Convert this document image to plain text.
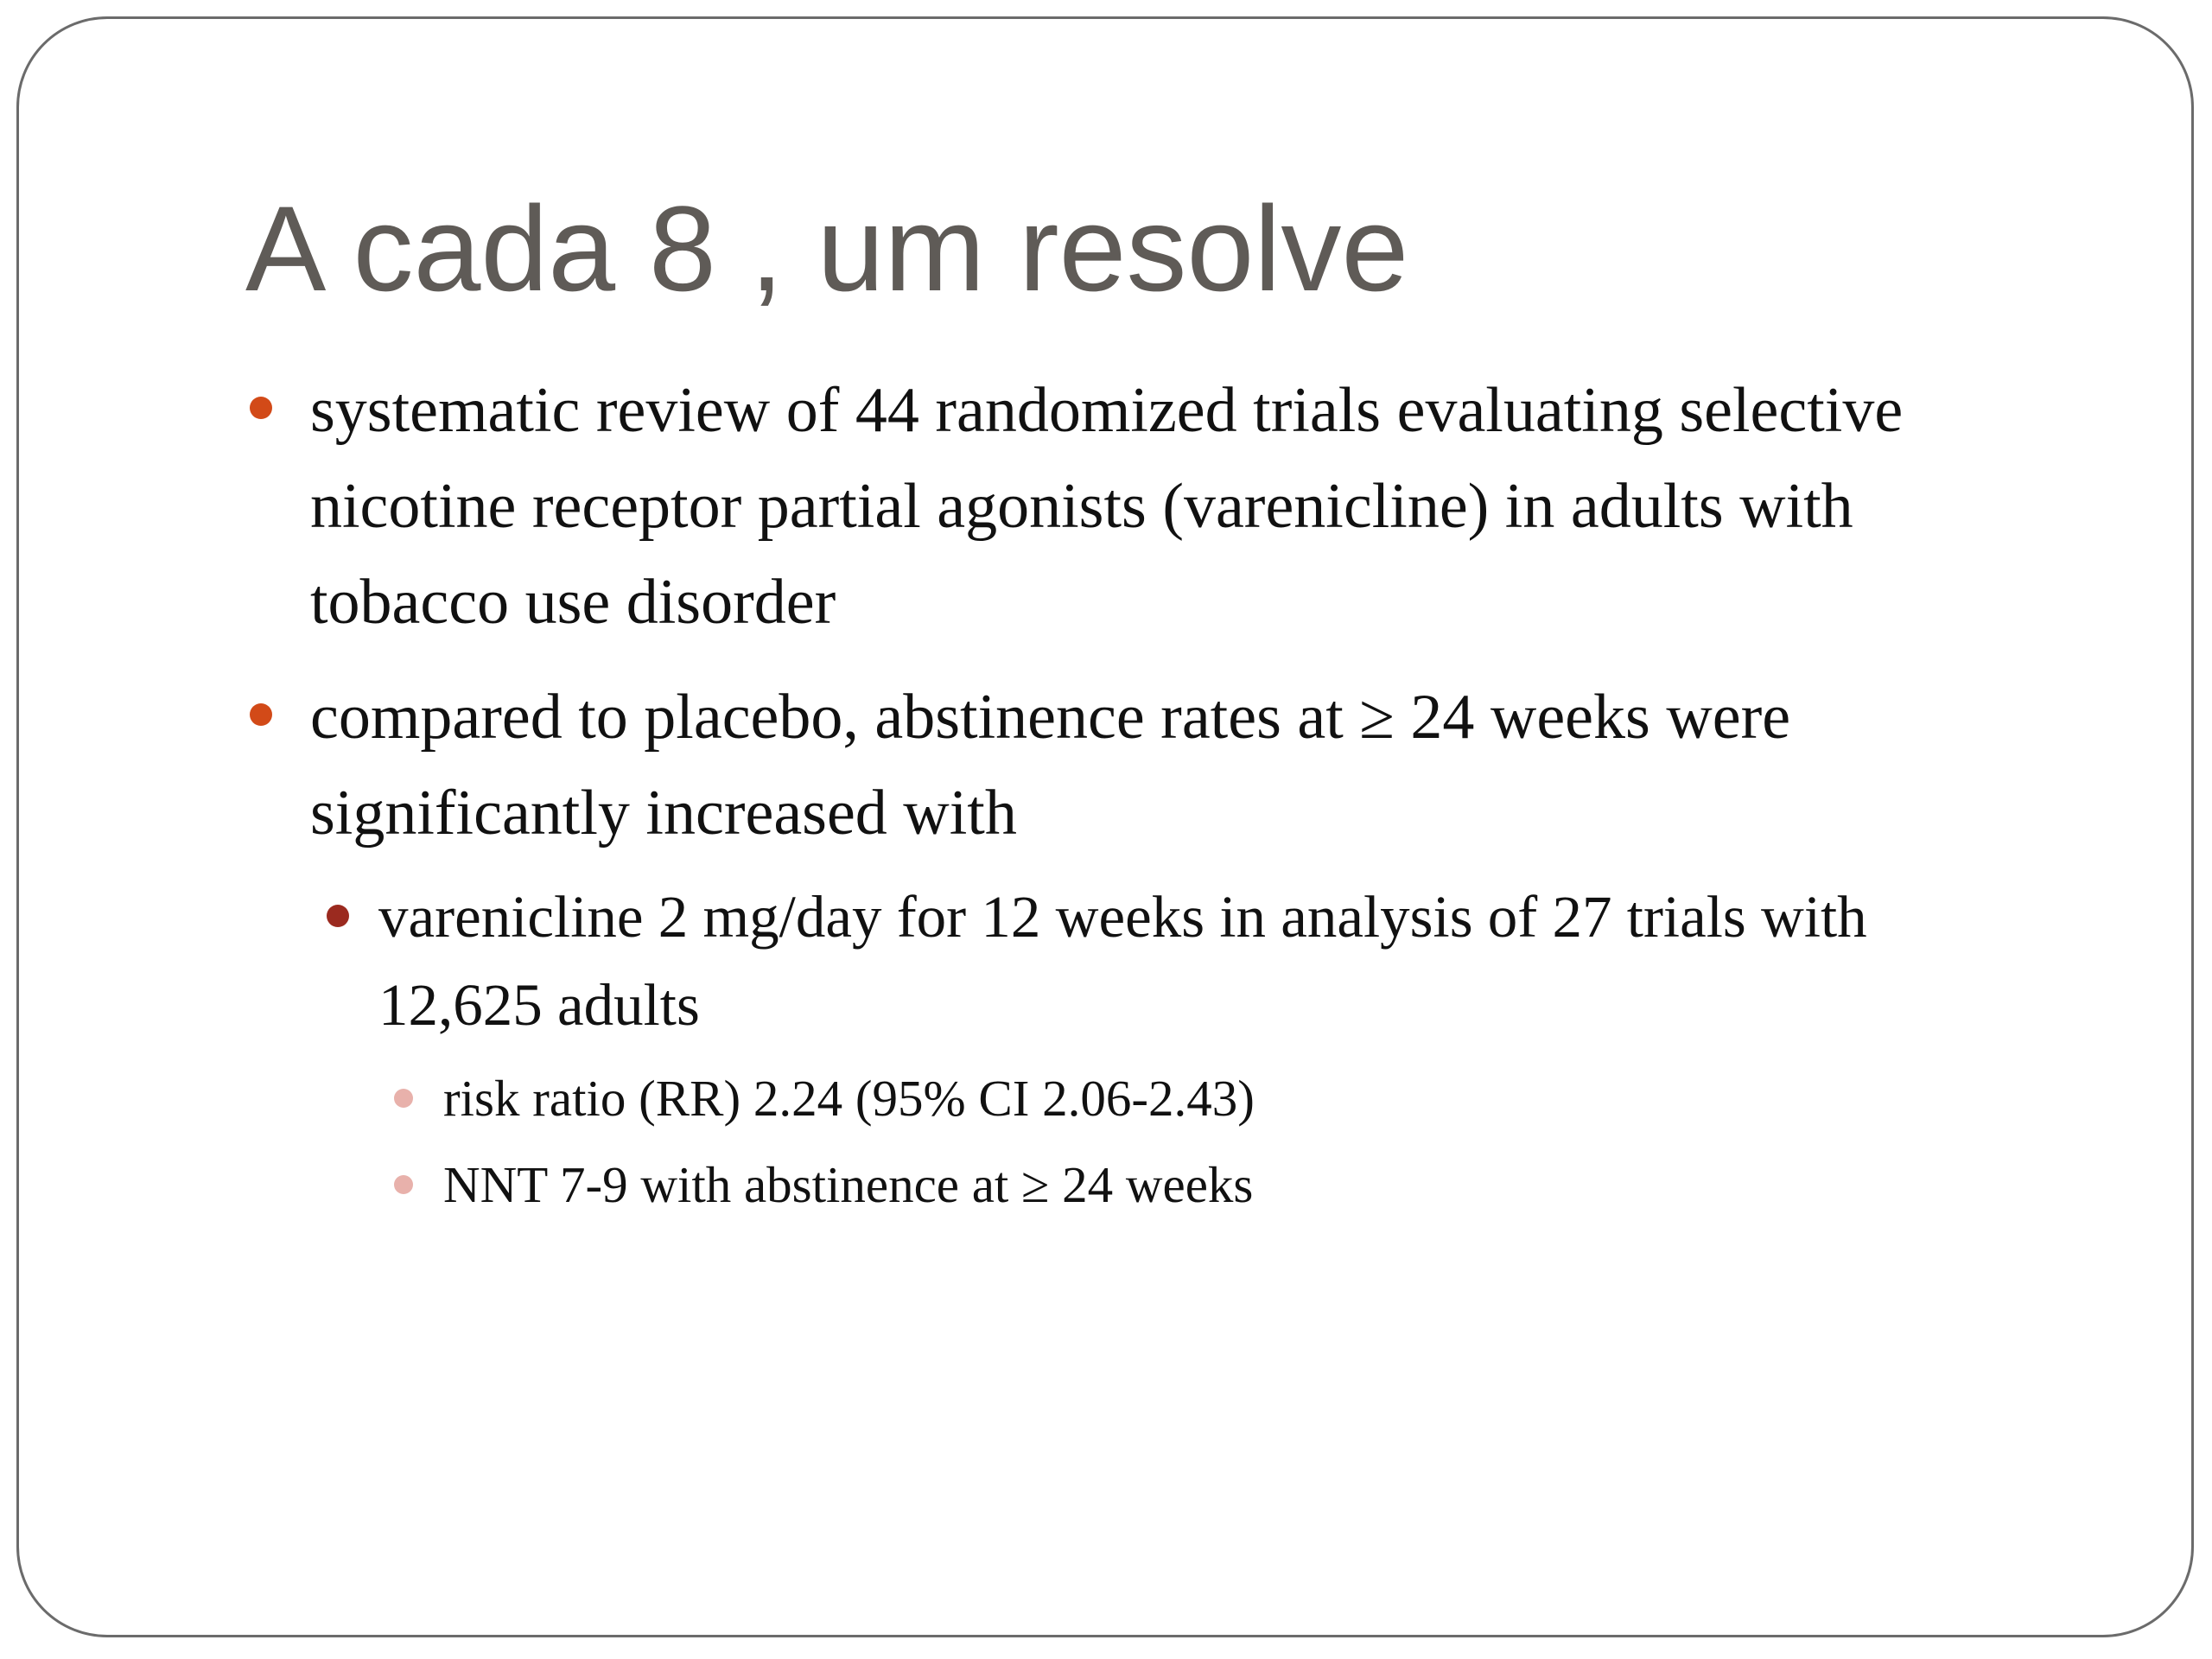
A cada 8 , um resolve
systematic review of 44 randomized trials evaluating selective
nicotine receptor partial agonists (varenicline) in adults with
tobacco use disorder
compared to placebo, abstinence rates at ≥ 24 weeks were
significantly increased with
varenicline 2 mg/day for 12 weeks in analysis of 27 trials with
12,625 adults
risk ratio (RR) 2.24 (95% CI 2.06-2.43)
NNT 7-9 with abstinence at ≥ 24 weeks
